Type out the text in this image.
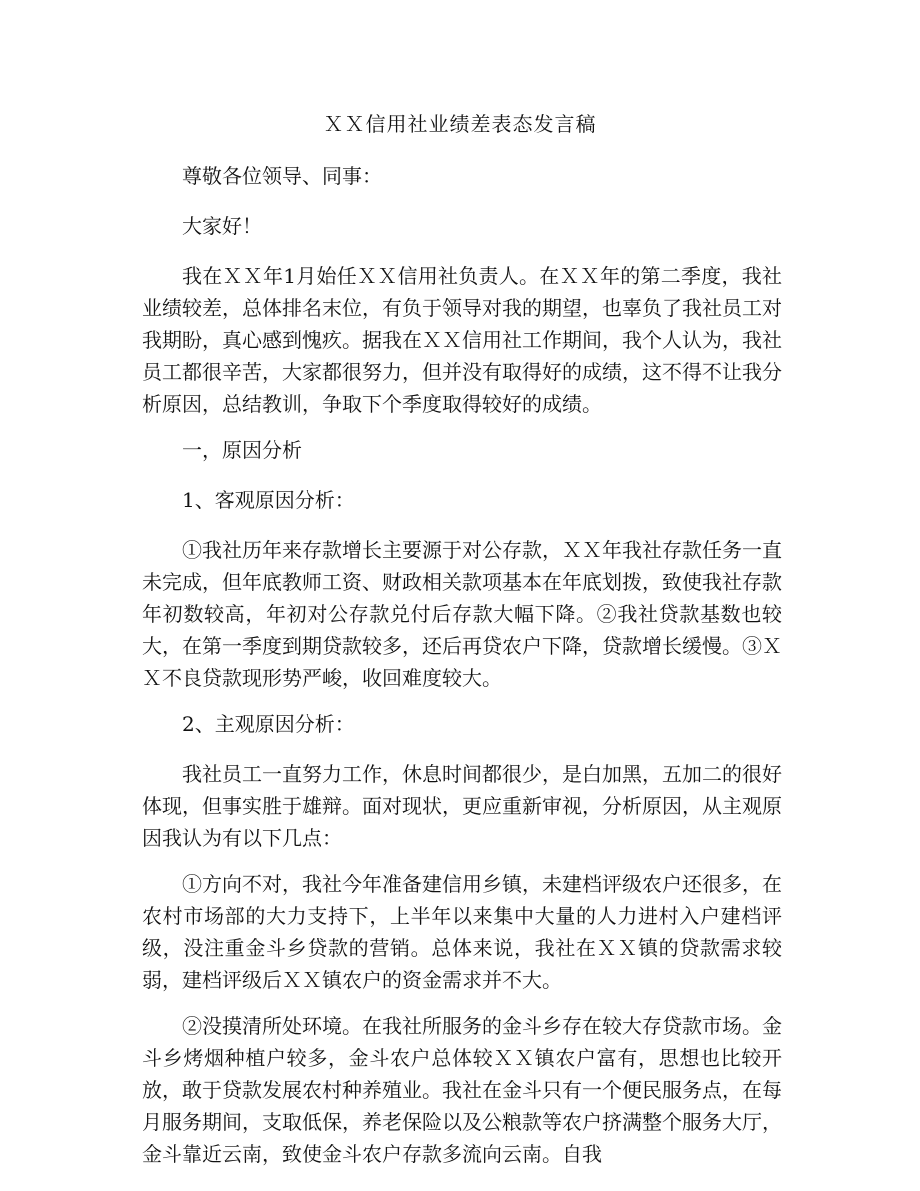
ＸＸ信用社业绩差表态发言稿

尊敬各位领导、同事：

大家好！

我在ＸＸ年1月始任ＸＸ信用社负责人。在ＸＸ年的第二季度，我社业绩较差，总体排名末位，有负于领导对我的期望，也辜负了我社员工对我期盼，真心感到愧疚。据我在ＸＸ信用社工作期间，我个人认为，我社员工都很辛苦，大家都很努力，但并没有取得好的成绩，这不得不让我分析原因，总结教训，争取下个季度取得较好的成绩。

一，原因分析

1、客观原因分析：

①我社历年来存款增长主要源于对公存款，ＸＸ年我社存款任务一直未完成，但年底教师工资、财政相关款项基本在年底划拨，致使我社存款年初数较高，年初对公存款兑付后存款大幅下降。②我社贷款基数也较大，在第一季度到期贷款较多，还后再贷农户下降，贷款增长缓慢。③ＸＸ不良贷款现形势严峻，收回难度较大。

2、主观原因分析：

我社员工一直努力工作，休息时间都很少，是白加黑，五加二的很好体现，但事实胜于雄辩。面对现状，更应重新审视，分析原因，从主观原因我认为有以下几点：

①方向不对，我社今年准备建信用乡镇，未建档评级农户还很多，在农村市场部的大力支持下，上半年以来集中大量的人力进村入户建档评级，没注重金斗乡贷款的营销。总体来说，我社在ＸＸ镇的贷款需求较弱，建档评级后ＸＸ镇农户的资金需求并不大。

②没摸清所处环境。在我社所服务的金斗乡存在较大存贷款市场。金斗乡烤烟种植户较多，金斗农户总体较ＸＸ镇农户富有，思想也比较开放，敢于贷款发展农村种养殖业。我社在金斗只有一个便民服务点，在每月服务期间，支取低保，养老保险以及公粮款等农户挤满整个服务大厅，金斗靠近云南，致使金斗农户存款多流向云南。自我
